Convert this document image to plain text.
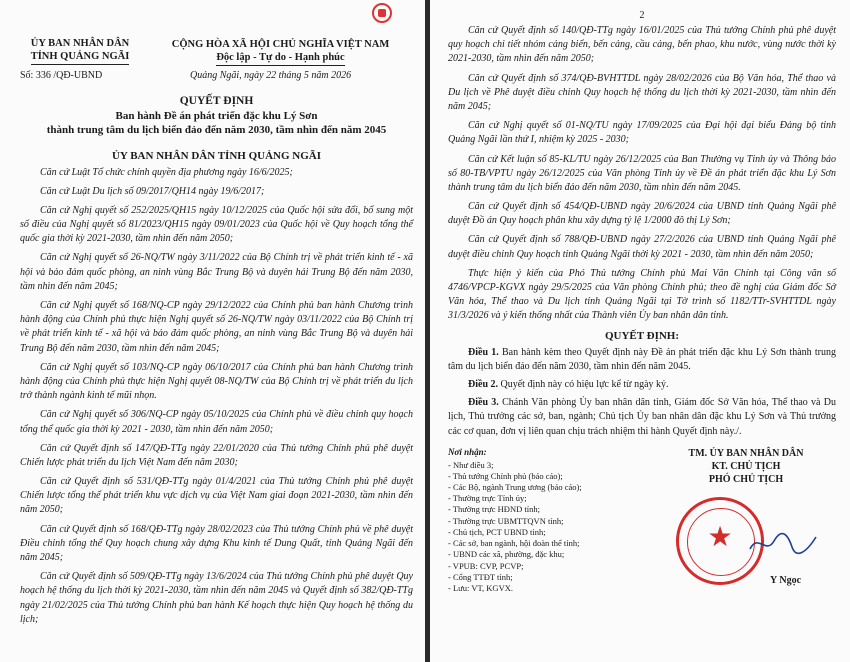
ỦY BAN NHÂN DÂN
TỈNH QUẢNG NGÃI
Số: 336 /QĐ-UBND
CỘNG HÒA XÃ HỘI CHỦ NGHĨA VIỆT NAM
Độc lập - Tự do - Hạnh phúc
Quảng Ngãi, ngày 22 tháng 5 năm 2026
QUYẾT ĐỊNH
Ban hành Đề án phát triển đặc khu Lý Sơn
thành trung tâm du lịch biển đảo đến năm 2030, tầm nhìn đến năm 2045
ỦY BAN NHÂN DÂN TỈNH QUẢNG NGÃI

Căn cứ Luật Tổ chức chính quyền địa phương ngày 16/6/2025;

Căn cứ Luật Du lịch số 09/2017/QH14 ngày 19/6/2017;

Căn cứ Nghị quyết số 252/2025/QH15 ngày 10/12/2025 của Quốc hội sửa đổi, bổ sung một số điều của Nghị quyết số 81/2023/QH15 ngày 09/01/2023 của Quốc hội về Quy hoạch tổng thể quốc gia thời kỳ 2021-2030, tầm nhìn đến năm 2050;

Căn cứ Nghị quyết số 26-NQ/TW ngày 3/11/2022 của Bộ Chính trị về phát triển kinh tế - xã hội và bảo đảm quốc phòng, an ninh vùng Bắc Trung Bộ và duyên hải Trung Bộ đến năm 2030, tầm nhìn đến năm 2045;

Căn cứ Nghị quyết số 168/NQ-CP ngày 29/12/2022 của Chính phủ ban hành Chương trình hành động của Chính phủ thực hiện Nghị quyết số 26-NQ/TW ngày 03/11/2022 của Bộ Chính trị về phát triển kinh tế - xã hội và bảo đảm quốc phòng, an ninh vùng Bắc Trung Bộ và duyên hải Trung Bộ đến năm 2030, tầm nhìn đến năm 2045;

Căn cứ Nghị quyết số 103/NQ-CP ngày 06/10/2017 của Chính phủ ban hành Chương trình hành động của Chính phủ thực hiện Nghị quyết 08-NQ/TW của Bộ Chính trị về phát triển du lịch trở thành ngành kinh tế mũi nhọn.

Căn cứ Nghị quyết số 306/NQ-CP ngày 05/10/2025 của Chính phủ về điều chỉnh quy hoạch tổng thể quốc gia thời kỳ 2021 - 2030, tầm nhìn đến năm 2050;

Căn cứ Quyết định số 147/QĐ-TTg ngày 22/01/2020 của Thủ tướng Chính phủ phê duyệt Chiến lược phát triển du lịch Việt Nam đến năm 2030;

Căn cứ Quyết định số 531/QĐ-TTg ngày 01/4/2021 của Thủ tướng Chính phủ phê duyệt Chiến lược tổng thể phát triển khu vực dịch vụ của Việt Nam giai đoạn 2021-2030, tầm nhìn đến năm 2050;

Căn cứ Quyết định số 168/QĐ-TTg ngày 28/02/2023 của Thủ tướng Chính phủ về phê duyệt Điều chỉnh tổng thể Quy hoạch chung xây dựng Khu kinh tế Dung Quất, tỉnh Quảng Ngãi đến năm 2045;

Căn cứ Quyết định số 509/QĐ-TTg ngày 13/6/2024 của Thủ tướng Chính phủ phê duyệt Quy hoạch hệ thống du lịch thời kỳ 2021-2030, tầm nhìn đến năm 2045 và Quyết định số 382/QĐ-TTg ngày 21/02/2025 của Thủ tướng Chính phủ ban hành Kế hoạch thực hiện Quy hoạch hệ thống du lịch;

2

Căn cứ Quyết định số 140/QĐ-TTg ngày 16/01/2025 của Thủ tướng Chính phủ phê duyệt quy hoạch chi tiết nhóm cảng biển, bến cảng, cầu cảng, bến phao, khu nước, vùng nước thời kỳ 2021-2030, tầm nhìn đến năm 2050;

Căn cứ Quyết định số 374/QĐ-BVHTTDL ngày 28/02/2026 của Bộ Văn hóa, Thể thao và Du lịch về Phê duyệt điều chỉnh Quy hoạch hệ thống du lịch thời kỳ 2021-2030, tầm nhìn đến năm 2045;

Căn cứ Nghị quyết số 01-NQ/TU ngày 17/09/2025 của Đại hội đại biểu Đảng bộ tỉnh Quảng Ngãi lần thứ I, nhiệm kỳ 2025 - 2030;

Căn cứ Kết luận số 85-KL/TU ngày 26/12/2025 của Ban Thường vụ Tỉnh ủy và Thông báo số 80-TB/VPTU ngày 26/12/2025 của Văn phòng Tỉnh ủy về Đề án phát triển đặc khu Lý Sơn thành trung tâm du lịch biển đảo đến năm 2030, tầm nhìn đến năm 2045.

Căn cứ Quyết định số 454/QĐ-UBND ngày 20/6/2024 của UBND tỉnh Quảng Ngãi phê duyệt Đồ án Quy hoạch phân khu xây dựng tỷ lệ 1/2000 đô thị Lý Sơn;

Căn cứ Quyết định số 788/QĐ-UBND ngày 27/2/2026 của UBND tỉnh Quảng Ngãi phê duyệt điều chỉnh Quy hoạch tỉnh Quảng Ngãi thời kỳ 2021 - 2030, tầm nhìn đến năm 2050;

Thực hiện ý kiến của Phó Thủ tướng Chính phủ Mai Văn Chính tại Công văn số 4746/VPCP-KGVX ngày 29/5/2025 của Văn phòng Chính phủ; theo đề nghị của Giám đốc Sở Văn hóa, Thể thao và Du lịch tỉnh Quảng Ngãi tại Tờ trình số 1182/TTr-SVHTTDL ngày 31/3/2026 và ý kiến thống nhất của Thành viên Ủy ban nhân dân tỉnh.

QUYẾT ĐỊNH:

Điều 1. Ban hành kèm theo Quyết định này Đề án phát triển đặc khu Lý Sơn thành trung tâm du lịch biển đảo đến năm 2030, tầm nhìn đến năm 2045.

Điều 2. Quyết định này có hiệu lực kể từ ngày ký.

Điều 3. Chánh Văn phòng Ủy ban nhân dân tỉnh, Giám đốc Sở Văn hóa, Thể thao và Du lịch, Thủ trưởng các sở, ban, ngành; Chủ tịch Ủy ban nhân dân đặc khu Lý Sơn và Thủ trưởng các cơ quan, đơn vị liên quan chịu trách nhiệm thi hành Quyết định này./.

Nơi nhận:
- Như điều 3;
- Thủ tướng Chính phủ (báo cáo);
- Các Bộ, ngành Trung ương (báo cáo);
- Thường trực Tỉnh ủy;
- Thường trực HĐND tỉnh;
- Thường trực UBMTTQVN tỉnh;
- Chủ tịch, PCT UBND tỉnh;
- Các sở, ban ngành, hội đoàn thể tỉnh;
- UBND các xã, phường, đặc khu;
- VPUB: CVP, PCVP;
- Cổng TTĐT tỉnh;
- Lưu: VT, KGVX.
TM. ỦY BAN NHÂN DÂN
KT. CHỦ TỊCH
PHÓ CHỦ TỊCH
★
Y Ngọc
